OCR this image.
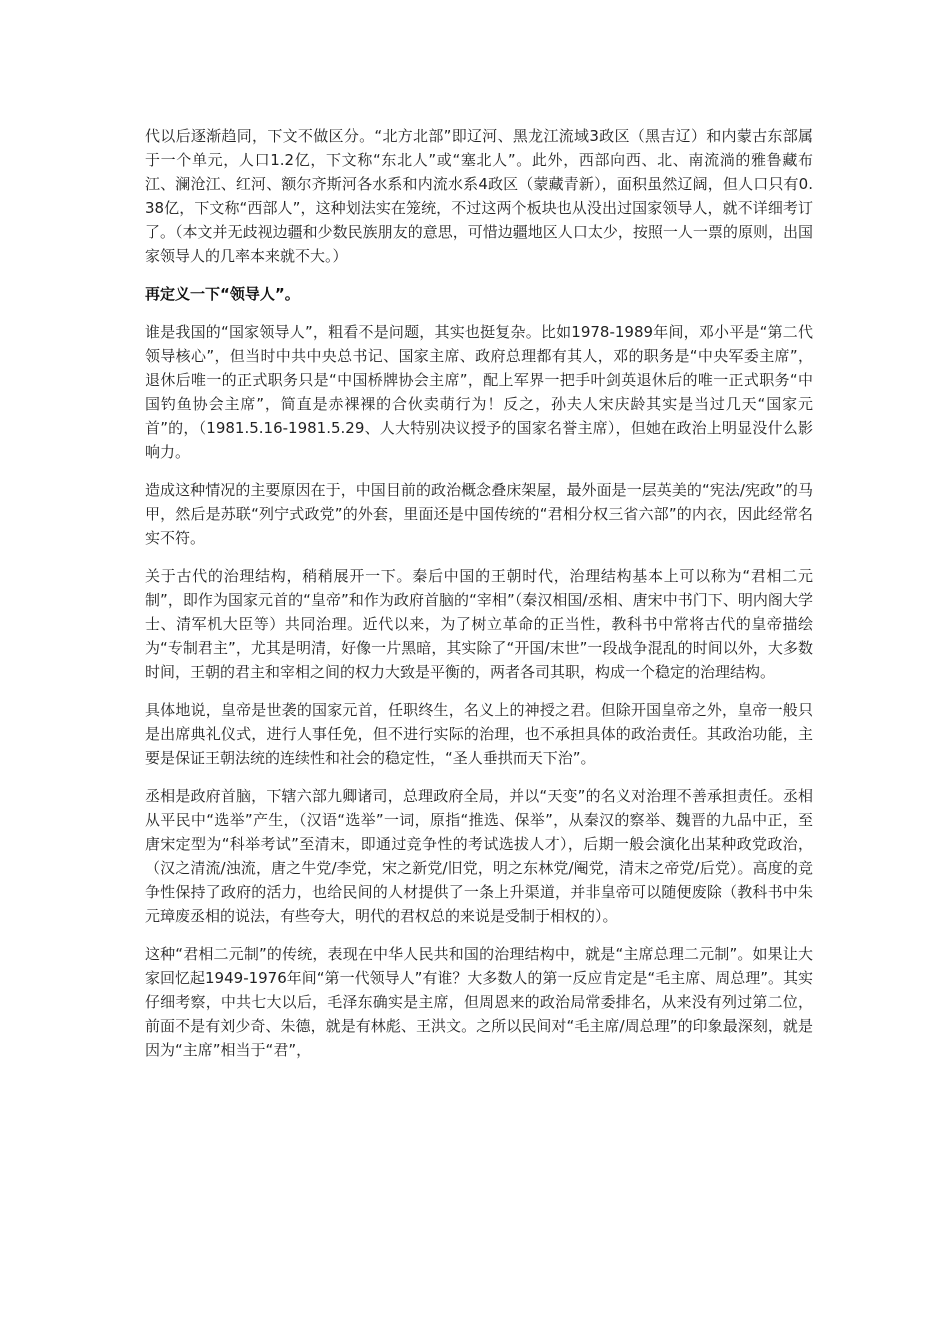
代以后逐渐趋同，下文不做区分。“北方北部”即辽河、黑龙江流域3政区（黑吉辽）和内蒙古东部属于一个单元，人口1.2亿，下文称“东北人”或“塞北人”。此外，西部向西、北、南流淌的雅鲁藏布江、澜沧江、红河、额尔齐斯河各水系和内流水系4政区（蒙藏青新），面积虽然辽阔，但人口只有0.38亿，下文称“西部人”，这种划法实在笼统，不过这两个板块也从没出过国家领导人，就不详细考订了。（本文并无歧视边疆和少数民族朋友的意思，可惜边疆地区人口太少，按照一人一票的原则，出国家领导人的几率本来就不大。）

再定义一下“领导人”。

谁是我国的“国家领导人”，粗看不是问题，其实也挺复杂。比如1978-1989年间，邓小平是“第二代领导核心”，但当时中共中央总书记、国家主席、政府总理都有其人，邓的职务是“中央军委主席”，退休后唯一的正式职务只是“中国桥牌协会主席”，配上军界一把手叶剑英退休后的唯一正式职务“中国钓鱼协会主席”，简直是赤裸裸的合伙卖萌行为！反之，孙夫人宋庆龄其实是当过几天“国家元首”的，（1981.5.16-1981.5.29、人大特别决议授予的国家名誉主席），但她在政治上明显没什么影响力。

造成这种情况的主要原因在于，中国目前的政治概念叠床架屋，最外面是一层英美的“宪法/宪政”的马甲，然后是苏联“列宁式政党”的外套，里面还是中国传统的“君相分权三省六部”的内衣，因此经常名实不符。

关于古代的治理结构，稍稍展开一下。秦后中国的王朝时代，治理结构基本上可以称为“君相二元制”，即作为国家元首的“皇帝”和作为政府首脑的“宰相”（秦汉相国/丞相、唐宋中书门下、明内阁大学士、清军机大臣等）共同治理。近代以来，为了树立革命的正当性，教科书中常将古代的皇帝描绘为“专制君主”，尤其是明清，好像一片黑暗，其实除了“开国/末世”一段战争混乱的时间以外，大多数时间，王朝的君主和宰相之间的权力大致是平衡的，两者各司其职，构成一个稳定的治理结构。

具体地说，皇帝是世袭的国家元首，任职终生，名义上的神授之君。但除开国皇帝之外，皇帝一般只是出席典礼仪式，进行人事任免，但不进行实际的治理，也不承担具体的政治责任。其政治功能，主要是保证王朝法统的连续性和社会的稳定性，“圣人垂拱而天下治”。

丞相是政府首脑，下辖六部九卿诸司，总理政府全局，并以“天变”的名义对治理不善承担责任。丞相从平民中“选举”产生，（汉语“选举”一词，原指“推选、保举”，从秦汉的察举、魏晋的九品中正，至唐宋定型为“科举考试”至清末，即通过竞争性的考试选拔人才），后期一般会演化出某种政党政治，（汉之清流/浊流，唐之牛党/李党，宋之新党/旧党，明之东林党/阉党，清末之帝党/后党）。高度的竞争性保持了政府的活力，也给民间的人材提供了一条上升渠道，并非皇帝可以随便废除（教科书中朱元璋废丞相的说法，有些夸大，明代的君权总的来说是受制于相权的）。

这种“君相二元制”的传统，表现在中华人民共和国的治理结构中，就是“主席总理二元制”。如果让大家回忆起1949-1976年间“第一代领导人”有谁？大多数人的第一反应肯定是“毛主席、周总理”。其实仔细考察，中共七大以后，毛泽东确实是主席，但周恩来的政治局常委排名，从来没有列过第二位，前面不是有刘少奇、朱德，就是有林彪、王洪文。之所以民间对“毛主席/周总理”的印象最深刻，就是因为“主席”相当于“君”，
